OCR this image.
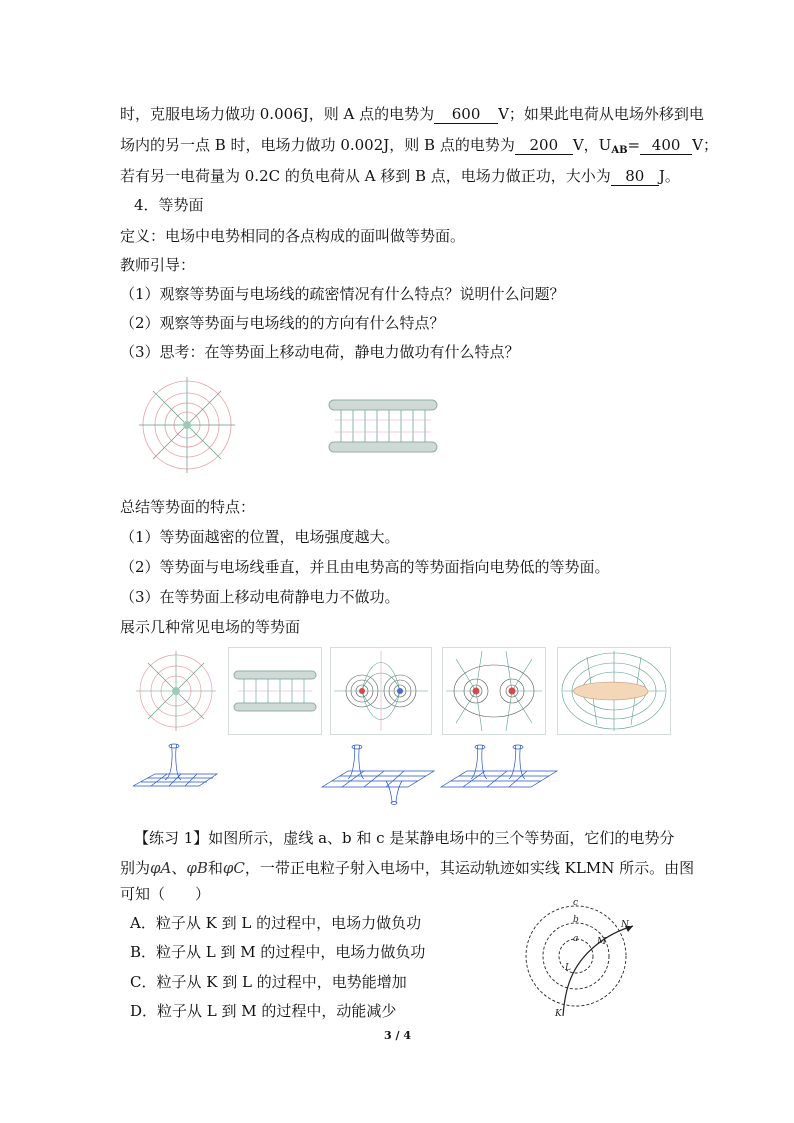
时，克服电场力做功 0.006J，则 A 点的电势为 600 V；如果此电荷从电场外移到电
场内的另一点 B 时，电场力做功 0.002J，则 B 点的电势为 200 V，$U_{AB}= 400$ V；
若有另一电荷量为 0.2C 的负电荷从 A 移到 B 点，电场力做正功，大小为 80 J。
4．等势面
定义：电场中电势相同的各点构成的面叫做等势面。
教师引导：
（1）观察等势面与电场线的疏密情况有什么特点？说明什么问题？
（2）观察等势面与电场线的的方向有什么特点？
（3）思考：在等势面上移动电荷，静电力做功有什么特点？
总结等势面的特点：
（1）等势面越密的位置，电场强度越大。
（2）等势面与电场线垂直，并且由电势高的等势面指向电势低的等势面。
（3）在等势面上移动电荷静电力不做功。
展示几种常见电场的等势面
【练习 1】如图所示，虚线 a、b 和 c 是某静电场中的三个等势面，它们的电势分
别为φA、φB和φC，一带正电粒子射入电场中，其运动轨迹如实线 KLMN 所示。由图
可知（　　）
A．粒子从 K 到 L 的过程中，电场力做负功
B．粒子从 L 到 M 的过程中，电场力做负功
C．粒子从 K 到 L 的过程中，电势能增加
D．粒子从 L 到 M 的过程中，动能减少
c
b
a
L
M
N
K
3 / 4
